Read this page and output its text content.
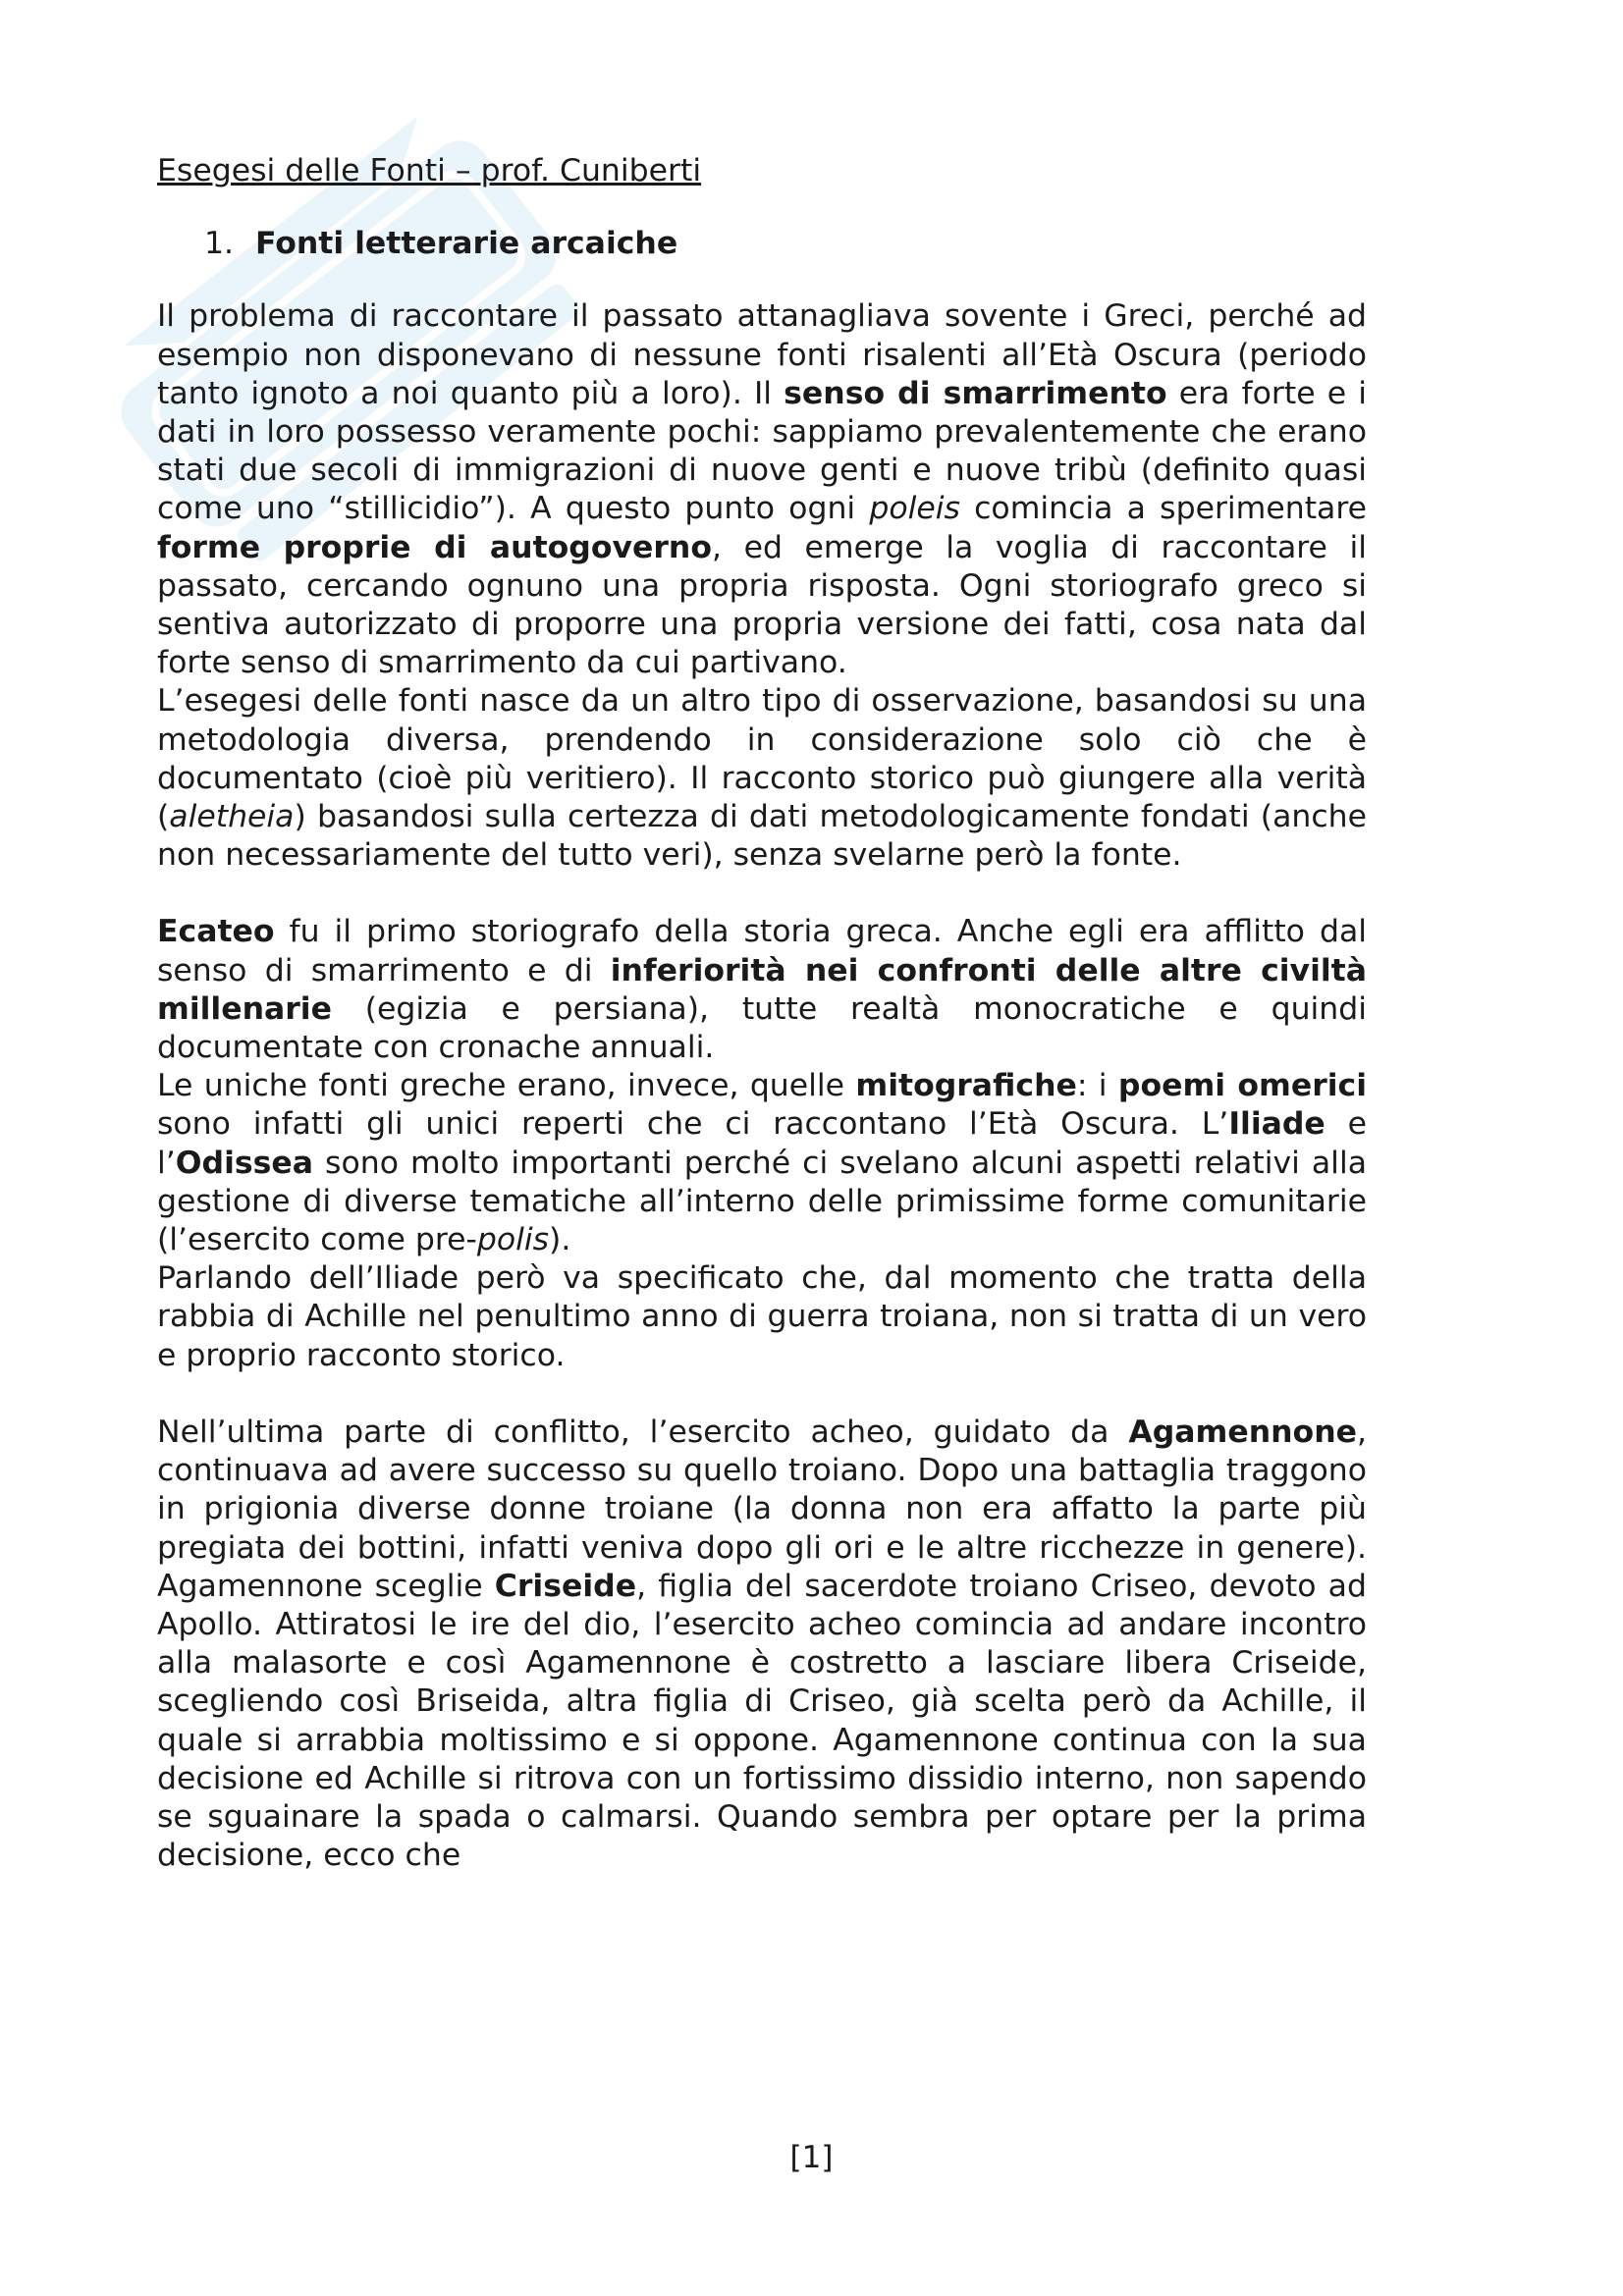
Esegesi delle Fonti – prof. Cuniberti

1. Fonti letterarie arcaiche

Il problema di raccontare il passato attanagliava sovente i Greci, perché ad esempio non disponevano di nessune fonti risalenti all’Età Oscura (periodo tanto ignoto a noi quanto più a loro). Il senso di smarrimento era forte e i dati in loro possesso veramente pochi: sappiamo prevalentemente che erano stati due secoli di immigrazioni di nuove genti e nuove tribù (definito quasi come uno “stillicidio”). A questo punto ogni poleis comincia a sperimentare forme proprie di autogoverno, ed emerge la voglia di raccontare il passato, cercando ognuno una propria risposta. Ogni storiografo greco si sentiva autorizzato di proporre una propria versione dei fatti, cosa nata dal forte senso di smarrimento da cui partivano.

L’esegesi delle fonti nasce da un altro tipo di osservazione, basandosi su una metodologia diversa, prendendo in considerazione solo ciò che è documentato (cioè più veritiero). Il racconto storico può giungere alla verità (aletheia) basandosi sulla certezza di dati metodologicamente fondati (anche non necessariamente del tutto veri), senza svelarne però la fonte.

Ecateo fu il primo storiografo della storia greca. Anche egli era afflitto dal senso di smarrimento e di inferiorità nei confronti delle altre civiltà millenarie (egizia e persiana), tutte realtà monocratiche e quindi documentate con cronache annuali.

Le uniche fonti greche erano, invece, quelle mitografiche: i poemi omerici sono infatti gli unici reperti che ci raccontano l’Età Oscura. L’Iliade e l’Odissea sono molto importanti perché ci svelano alcuni aspetti relativi alla gestione di diverse tematiche all’interno delle primissime forme comunitarie (l’esercito come pre-polis).

Parlando dell’Iliade però va specificato che, dal momento che tratta della rabbia di Achille nel penultimo anno di guerra troiana, non si tratta di un vero e proprio racconto storico.

Nell’ultima parte di conflitto, l’esercito acheo, guidato da Agamennone, continuava ad avere successo su quello troiano. Dopo una battaglia traggono in prigionia diverse donne troiane (la donna non era affatto la parte più pregiata dei bottini, infatti veniva dopo gli ori e le altre ricchezze in genere). Agamennone sceglie Criseide, figlia del sacerdote troiano Criseo, devoto ad Apollo. Attiratosi le ire del dio, l’esercito acheo comincia ad andare incontro alla malasorte e così Agamennone è costretto a lasciare libera Criseide, scegliendo così Briseida, altra figlia di Criseo, già scelta però da Achille, il quale si arrabbia moltissimo e si oppone. Agamennone continua con la sua decisione ed Achille si ritrova con un fortissimo dissidio interno, non sapendo se sguainare la spada o calmarsi. Quando sembra per optare per la prima decisione, ecco che

[1]
